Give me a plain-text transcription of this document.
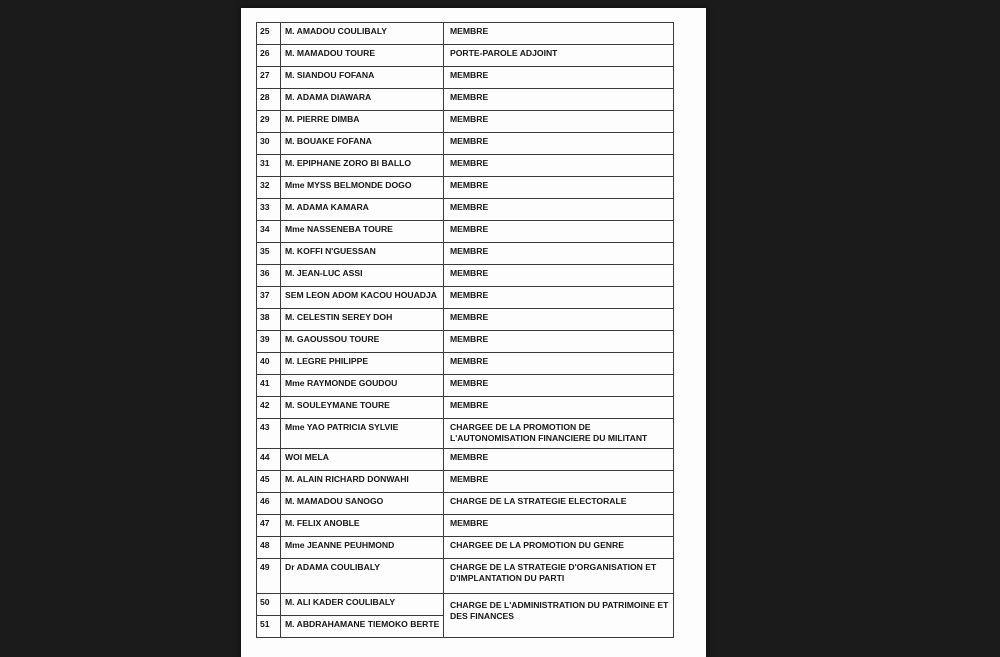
25	M. AMADOU COULIBALY	MEMBRE
26	M. MAMADOU TOURE	PORTE-PAROLE ADJOINT
27	M. SIANDOU FOFANA	MEMBRE
28	M. ADAMA DIAWARA	MEMBRE
29	M. PIERRE DIMBA	MEMBRE
30	M. BOUAKE FOFANA	MEMBRE
31	M. EPIPHANE ZORO BI BALLO	MEMBRE
32	Mme MYSS BELMONDE DOGO	MEMBRE
33	M. ADAMA KAMARA	MEMBRE
34	Mme NASSENEBA TOURE	MEMBRE
35	M. KOFFI N'GUESSAN	MEMBRE
36	M. JEAN-LUC ASSI	MEMBRE
37	SEM LEON ADOM KACOU HOUADJA	MEMBRE
38	M. CELESTIN SEREY DOH	MEMBRE
39	M. GAOUSSOU TOURE	MEMBRE
40	M. LEGRE PHILIPPE	MEMBRE
41	Mme RAYMONDE GOUDOU	MEMBRE
42	M. SOULEYMANE TOURE	MEMBRE
43	Mme YAO PATRICIA SYLVIE	CHARGEE DE LA PROMOTION DE L'AUTONOMISATION FINANCIERE DU MILITANT
44	WOI MELA	MEMBRE
45	M. ALAIN RICHARD DONWAHI	MEMBRE
46	M. MAMADOU SANOGO	CHARGE DE LA STRATEGIE ELECTORALE
47	M. FELIX ANOBLE	MEMBRE
48	Mme JEANNE PEUHMOND	CHARGEE DE LA PROMOTION DU GENRE
49	Dr ADAMA COULIBALY	CHARGE DE LA STRATEGIE D'ORGANISATION ET D'IMPLANTATION DU PARTI
50	M. ALI KADER COULIBALY	CHARGE DE L'ADMINISTRATION DU PATRIMOINE ET DES FINANCES
51	M. ABDRAHAMANE TIEMOKO BERTE	
